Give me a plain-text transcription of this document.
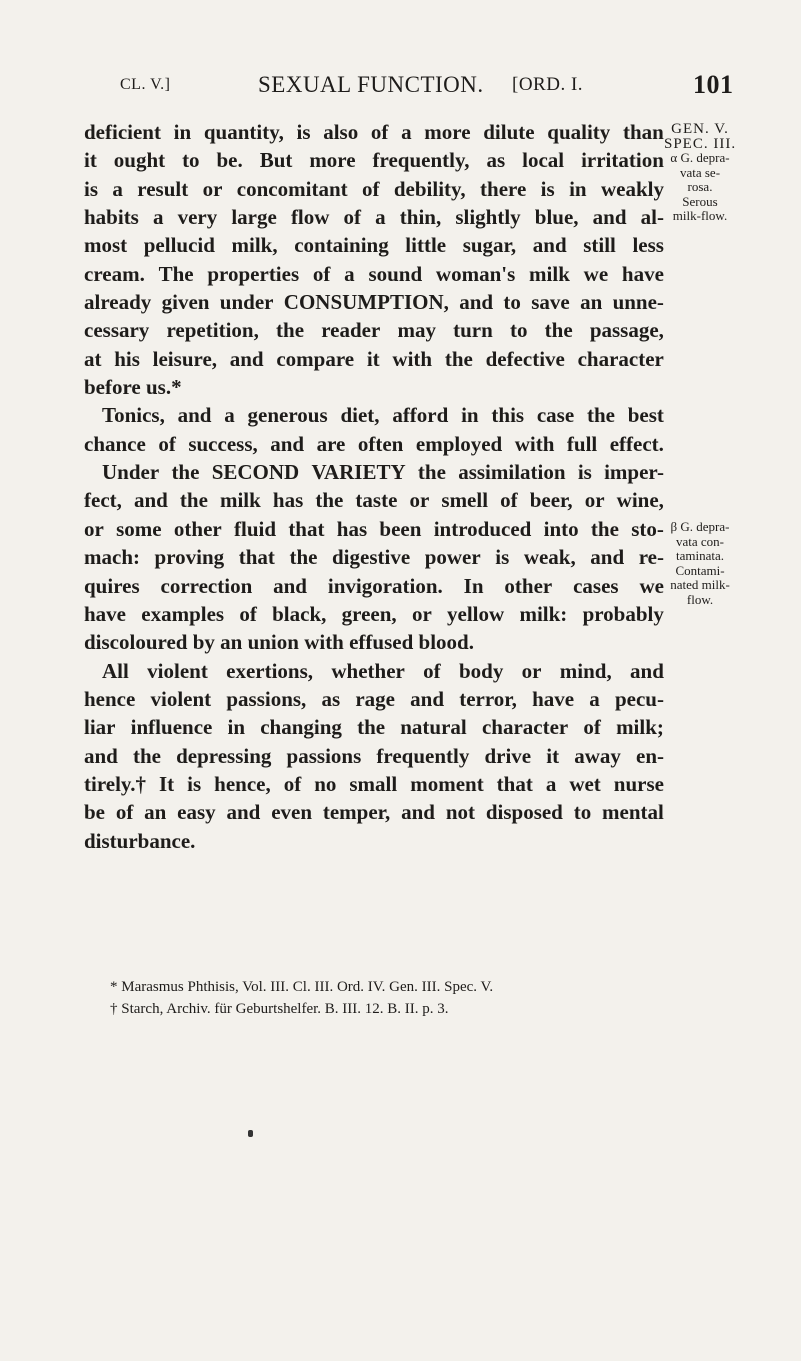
CL. V.]	SEXUAL FUNCTION. [ORD. I.	101
deficient in quantity, is also of a more dilute quality than
it ought to be. But more frequently, as local irritation
is a result or concomitant of debility, there is in weakly
habits a very large flow of a thin, slightly blue, and al-
most pellucid milk, containing little sugar, and still less
cream. The properties of a sound woman's milk we have
already given under CONSUMPTION, and to save an unne-
cessary repetition, the reader may turn to the passage,
at his leisure, and compare it with the defective character
before us.*
Tonics, and a generous diet, afford in this case the best
chance of success, and are often employed with full effect.
Under the SECOND VARIETY the assimilation is imper-
fect, and the milk has the taste or smell of beer, or wine,
or some other fluid that has been introduced into the sto-
mach: proving that the digestive power is weak, and re-
quires correction and invigoration. In other cases we
have examples of black, green, or yellow milk: probably
discoloured by an union with effused blood.
All violent exertions, whether of body or mind, and
hence violent passions, as rage and terror, have a pecu-
liar influence in changing the natural character of milk;
and the depressing passions frequently drive it away en-
tirely.† It is hence, of no small moment that a wet nurse
be of an easy and even temper, and not disposed to mental
disturbance.
GEN. V.
SPEC. III.
α G. depra-
vata se-
rosa.
Serous
milk-flow.
β G. depra-
vata con-
taminata.
Contami-
nated milk-
flow.
* Marasmus Phthisis, Vol. III. Cl. III. Ord. IV. Gen. III. Spec. V.
† Starch, Archiv. für Geburtshelfer. B. III. 12. B. II. p. 3.
